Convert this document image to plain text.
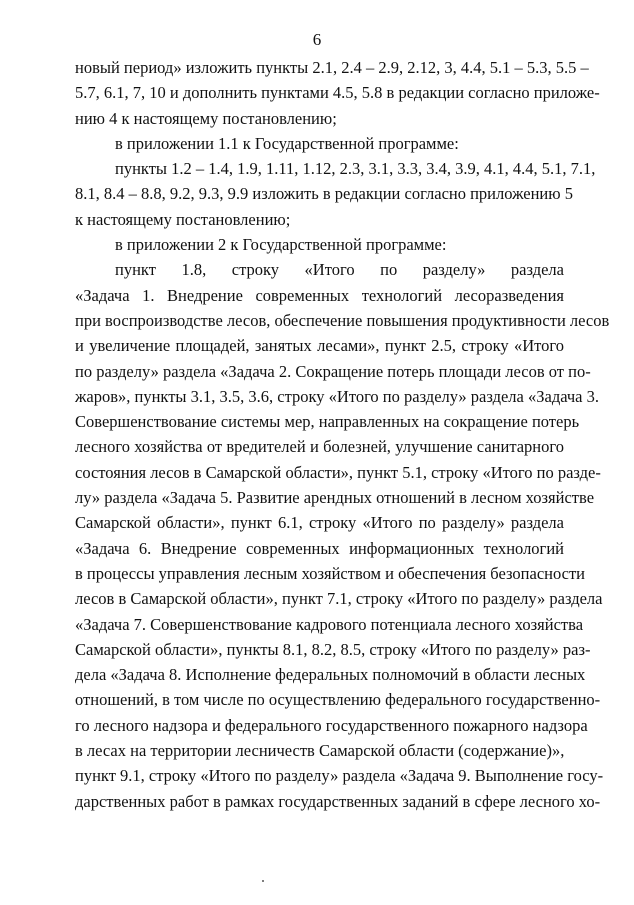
6
новый период» изложить пункты 2.1, 2.4 – 2.9, 2.12, 3, 4.4, 5.1 – 5.3, 5.5 –
5.7, 6.1, 7, 10 и дополнить пунктами 4.5, 5.8 в редакции согласно приложе-
нию 4 к настоящему постановлению;
в приложении 1.1 к Государственной программе:
пункты 1.2 – 1.4, 1.9, 1.11, 1.12, 2.3, 3.1, 3.3, 3.4, 3.9, 4.1, 4.4, 5.1, 7.1,
8.1, 8.4 – 8.8, 9.2, 9.3, 9.9 изложить в редакции согласно приложению 5
к настоящему постановлению;
в приложении 2 к Государственной программе:
пункт 1.8, строку «Итого по разделу» раздела
«Задача 1. Внедрение современных технологий лесоразведения
при воспроизводстве лесов, обеспечение повышения продуктивности лесов
и увеличение площадей, занятых лесами», пункт 2.5, строку «Итого
по разделу» раздела «Задача 2. Сокращение потерь площади лесов от по-
жаров», пункты 3.1, 3.5, 3.6, строку «Итого по разделу» раздела «Задача 3.
Совершенствование системы мер, направленных на сокращение потерь
лесного хозяйства от вредителей и болезней, улучшение санитарного
состояния лесов в Самарской области», пункт 5.1, строку «Итого по разде-
лу» раздела «Задача 5. Развитие арендных отношений в лесном хозяйстве
Самарской области», пункт 6.1, строку «Итого по разделу» раздела
«Задача 6. Внедрение современных информационных технологий
в процессы управления лесным хозяйством и обеспечения безопасности
лесов в Самарской области», пункт 7.1, строку «Итого по разделу» раздела
«Задача 7. Совершенствование кадрового потенциала лесного хозяйства
Самарской области», пункты 8.1, 8.2, 8.5, строку «Итого по разделу» раз-
дела «Задача 8. Исполнение федеральных полномочий в области лесных
отношений, в том числе по осуществлению федерального государственно-
го лесного надзора и федерального государственного пожарного надзора
в лесах на территории лесничеств Самарской области (содержание)»,
пункт 9.1, строку «Итого по разделу» раздела «Задача 9. Выполнение госу-
дарственных работ в рамках государственных заданий в сфере лесного хо-
